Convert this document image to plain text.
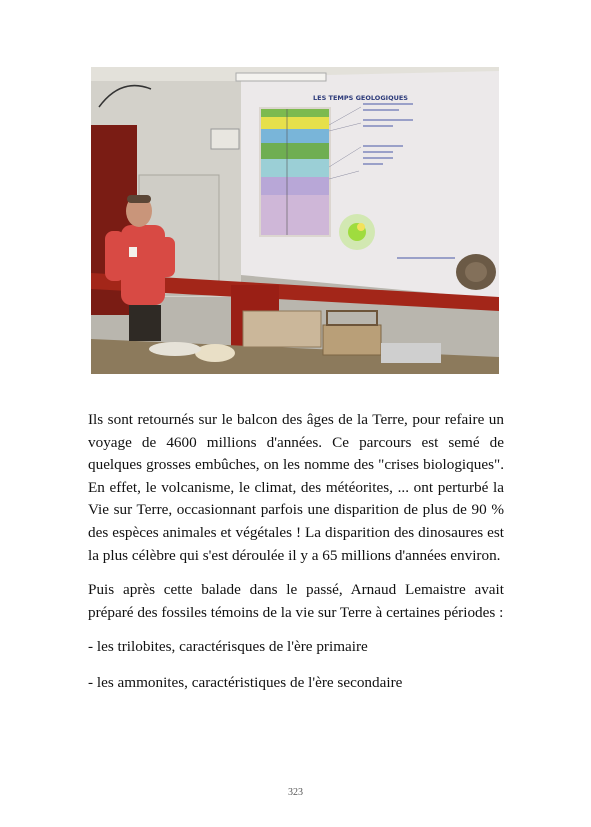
LES TEMPS GEOLOGIQUES

Ils sont retournés sur le balcon des âges de la Terre, pour refaire un voyage de 4600 millions d'années. Ce parcours est semé de quelques grosses embûches, on les nomme des "crises biologiques". En effet, le volcanisme, le climat, des météorites, ... ont perturbé la Vie sur Terre, occasionnant parfois une disparition de plus de 90 % des espèces animales et végétales ! La disparition des dinosaures est la plus célèbre qui s'est déroulée il y a 65 millions d'années environ.

Puis après cette balade dans le passé, Arnaud Lemaistre avait préparé des fossiles témoins de la vie sur Terre à certaines périodes :

- les trilobites, caractérisques de l'ère primaire

- les ammonites, caractéristiques de l'ère secondaire

323
